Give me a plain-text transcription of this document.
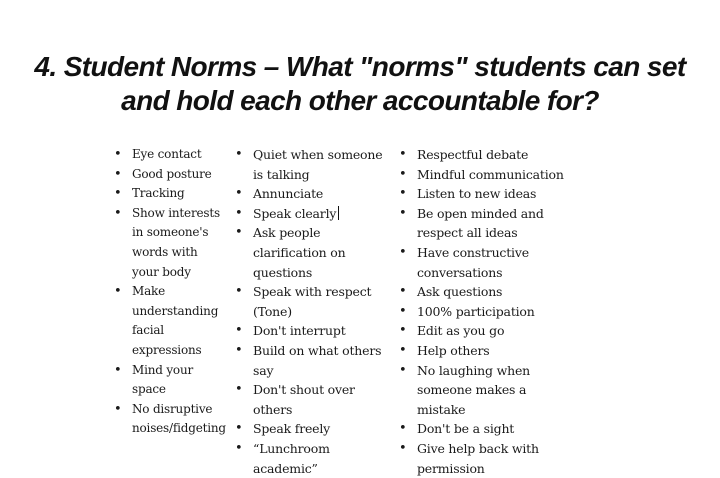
4. Student Norms – What "norms" students can set and hold each other accountable for?
• Eye contact
• Good posture
• Tracking
• Show interests in someone's words with your body
• Make understanding facial expressions
• Mind your space
• No disruptive noises/fidgeting
• Quiet when someone is talking
• Annunciate
• Speak clearly
• Ask people clarification on questions
• Speak with respect (Tone)
• Don't interrupt
• Build on what others say
• Don't shout over others
• Speak freely
• “Lunchroom academic”
• Respectful debate
• Mindful communication
• Listen to new ideas
• Be open minded and respect all ideas
• Have constructive conversations
• Ask questions
• 100% participation
• Edit as you go
• Help others
• No laughing when someone makes a mistake
• Don't be a sight
• Give help back with permission
